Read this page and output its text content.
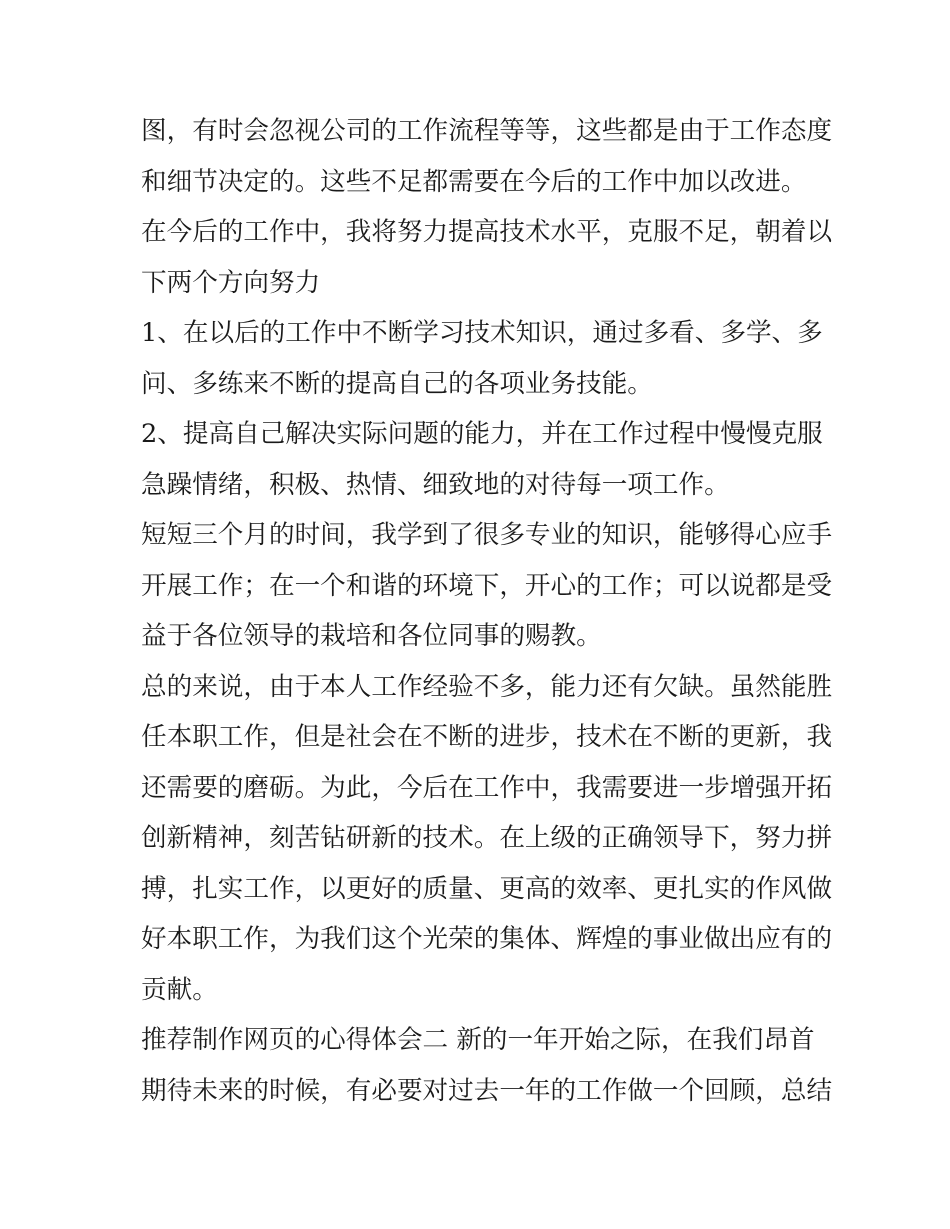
图，有时会忽视公司的工作流程等等，这些都是由于工作态度
和细节决定的。这些不足都需要在今后的工作中加以改进。

在今后的工作中，我将努力提高技术水平，克服不足，朝着以
下两个方向努力

1、在以后的工作中不断学习技术知识，通过多看、多学、多
问、多练来不断的提高自己的各项业务技能。

2、提高自己解决实际问题的能力，并在工作过程中慢慢克服
急躁情绪，积极、热情、细致地的对待每一项工作。

短短三个月的时间，我学到了很多专业的知识，能够得心应手
开展工作；在一个和谐的环境下，开心的工作；可以说都是受
益于各位领导的栽培和各位同事的赐教。

总的来说，由于本人工作经验不多，能力还有欠缺。虽然能胜
任本职工作，但是社会在不断的进步，技术在不断的更新，我
还需要的磨砺。为此，今后在工作中，我需要进一步增强开拓
创新精神，刻苦钻研新的技术。在上级的正确领导下，努力拼
搏，扎实工作，以更好的质量、更高的效率、更扎实的作风做
好本职工作，为我们这个光荣的集体、辉煌的事业做出应有的
贡献。

推荐制作网页的心得体会二 新的一年开始之际，在我们昂首
期待未来的时候，有必要对过去一年的工作做一个回顾，总结
